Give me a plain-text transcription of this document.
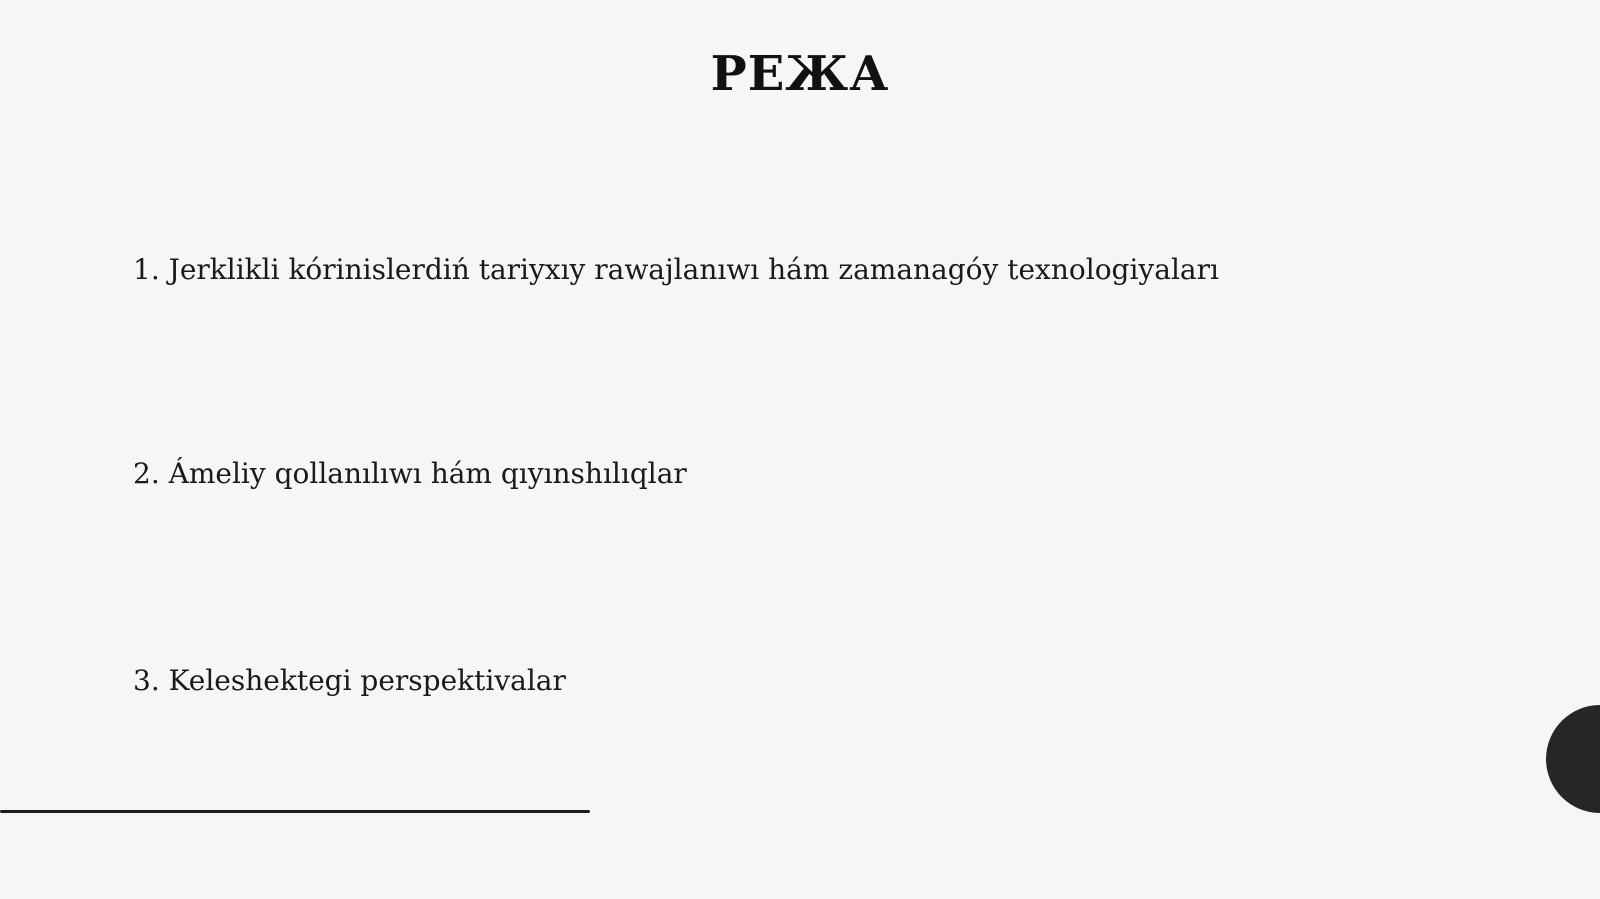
РЕЖА
1. Jerklikli kórinislerdiń tariyxıy rawajlanıwı hám zamanagóy texnologiyaları
2. Ámeliy qollanılıwı hám qıyınshılıqlar
3. Keleshektegi perspektivalar
